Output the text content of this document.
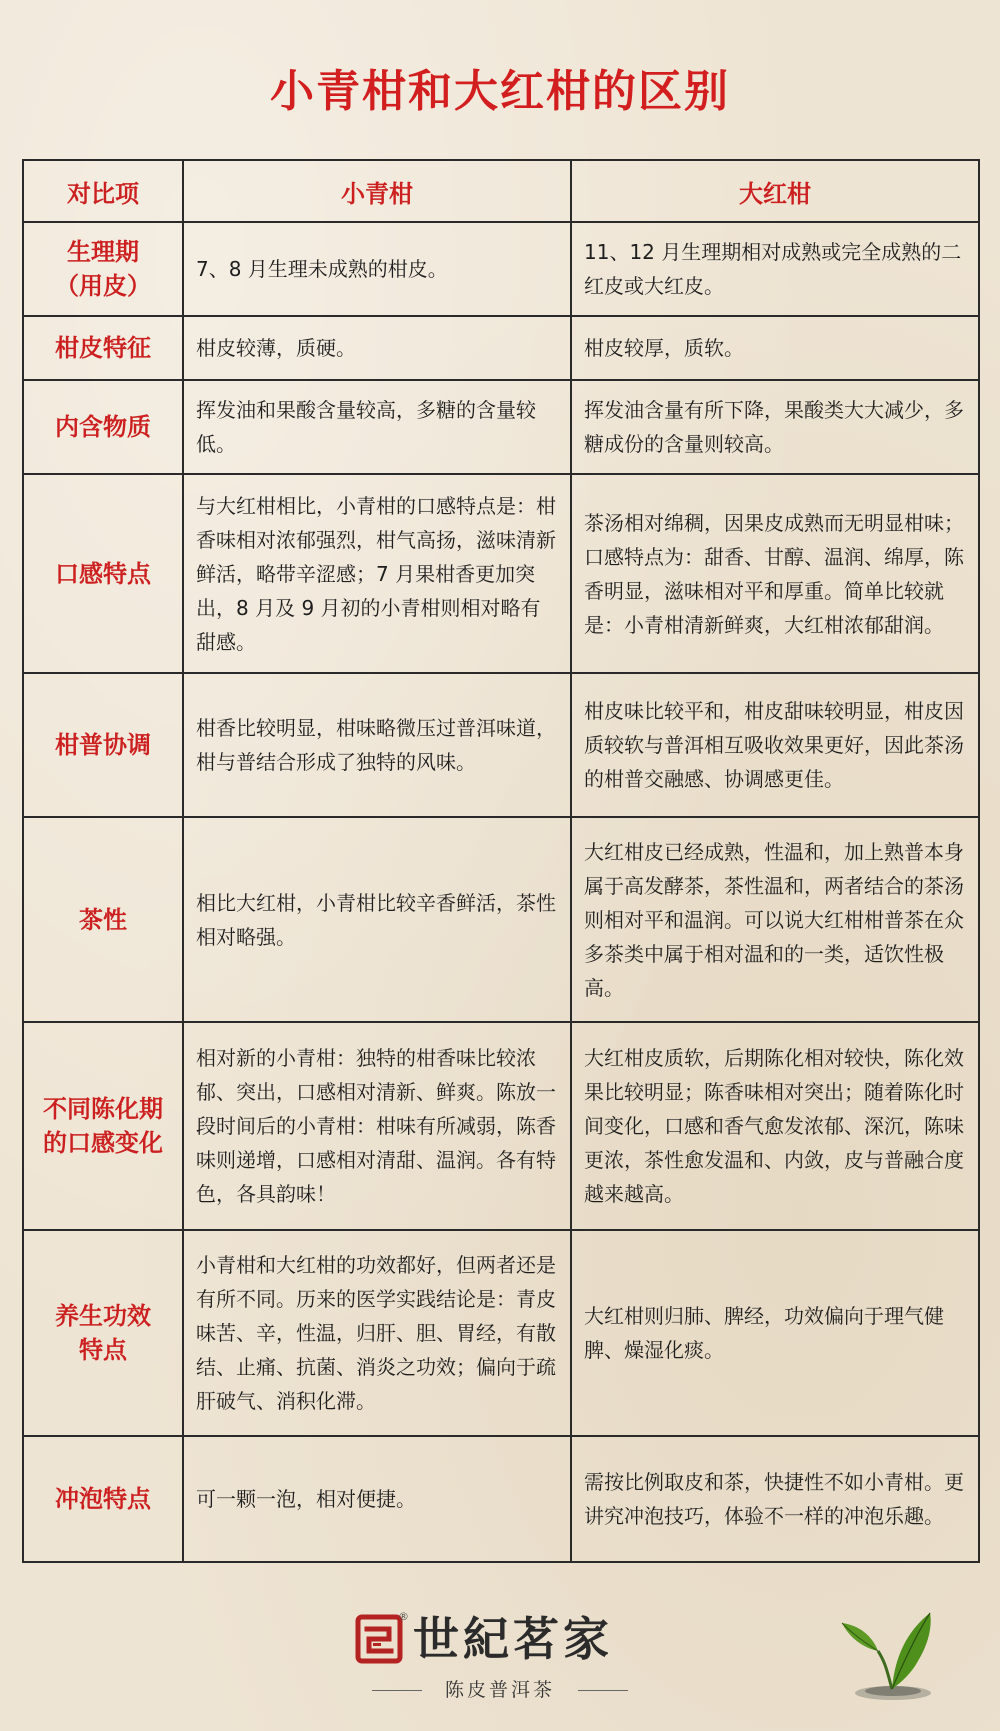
小青柑和大红柑的区别
对比项	小青柑	大红柑
生理期（用皮）	7、8 月生理未成熟的柑皮。	11、12 月生理期相对成熟或完全成熟的二红皮或大红皮。
柑皮特征	柑皮较薄，质硬。	柑皮较厚，质软。
内含物质	挥发油和果酸含量较高，多糖的含量较低。	挥发油含量有所下降，果酸类大大减少，多糖成份的含量则较高。
口感特点	与大红柑相比，小青柑的口感特点是：柑香味相对浓郁强烈，柑气高扬，滋味清新鲜活，略带辛涩感；7 月果柑香更加突出，8 月及 9 月初的小青柑则相对略有甜感。	茶汤相对绵稠，因果皮成熟而无明显柑味；口感特点为：甜香、甘醇、温润、绵厚，陈香明显，滋味相对平和厚重。简单比较就是：小青柑清新鲜爽，大红柑浓郁甜润。
柑普协调	柑香比较明显，柑味略微压过普洱味道，柑与普结合形成了独特的风味。	柑皮味比较平和，柑皮甜味较明显，柑皮因质较软与普洱相互吸收效果更好，因此茶汤的柑普交融感、协调感更佳。
茶性	相比大红柑，小青柑比较辛香鲜活，茶性相对略强。	大红柑皮已经成熟，性温和，加上熟普本身属于高发酵茶，茶性温和，两者结合的茶汤则相对平和温润。可以说大红柑柑普茶在众多茶类中属于相对温和的一类，适饮性极高。
不同陈化期的口感变化	相对新的小青柑：独特的柑香味比较浓郁、突出，口感相对清新、鲜爽。陈放一段时间后的小青柑：柑味有所减弱，陈香味则递增，口感相对清甜、温润。各有特色，各具韵味！	大红柑皮质软，后期陈化相对较快，陈化效果比较明显；陈香味相对突出；随着陈化时间变化，口感和香气愈发浓郁、深沉，陈味更浓，茶性愈发温和、内敛，皮与普融合度越来越高。
养生功效特点	小青柑和大红柑的功效都好，但两者还是有所不同。历来的医学实践结论是：青皮味苦、辛，性温，归肝、胆、胃经，有散结、止痛、抗菌、消炎之功效；偏向于疏肝破气、消积化滞。	大红柑则归肺、脾经，功效偏向于理气健脾、燥湿化痰。
冲泡特点	可一颗一泡，相对便捷。	需按比例取皮和茶，快捷性不如小青柑。更讲究冲泡技巧，体验不一样的冲泡乐趣。
® 世紀茗家
陈皮普洱茶
